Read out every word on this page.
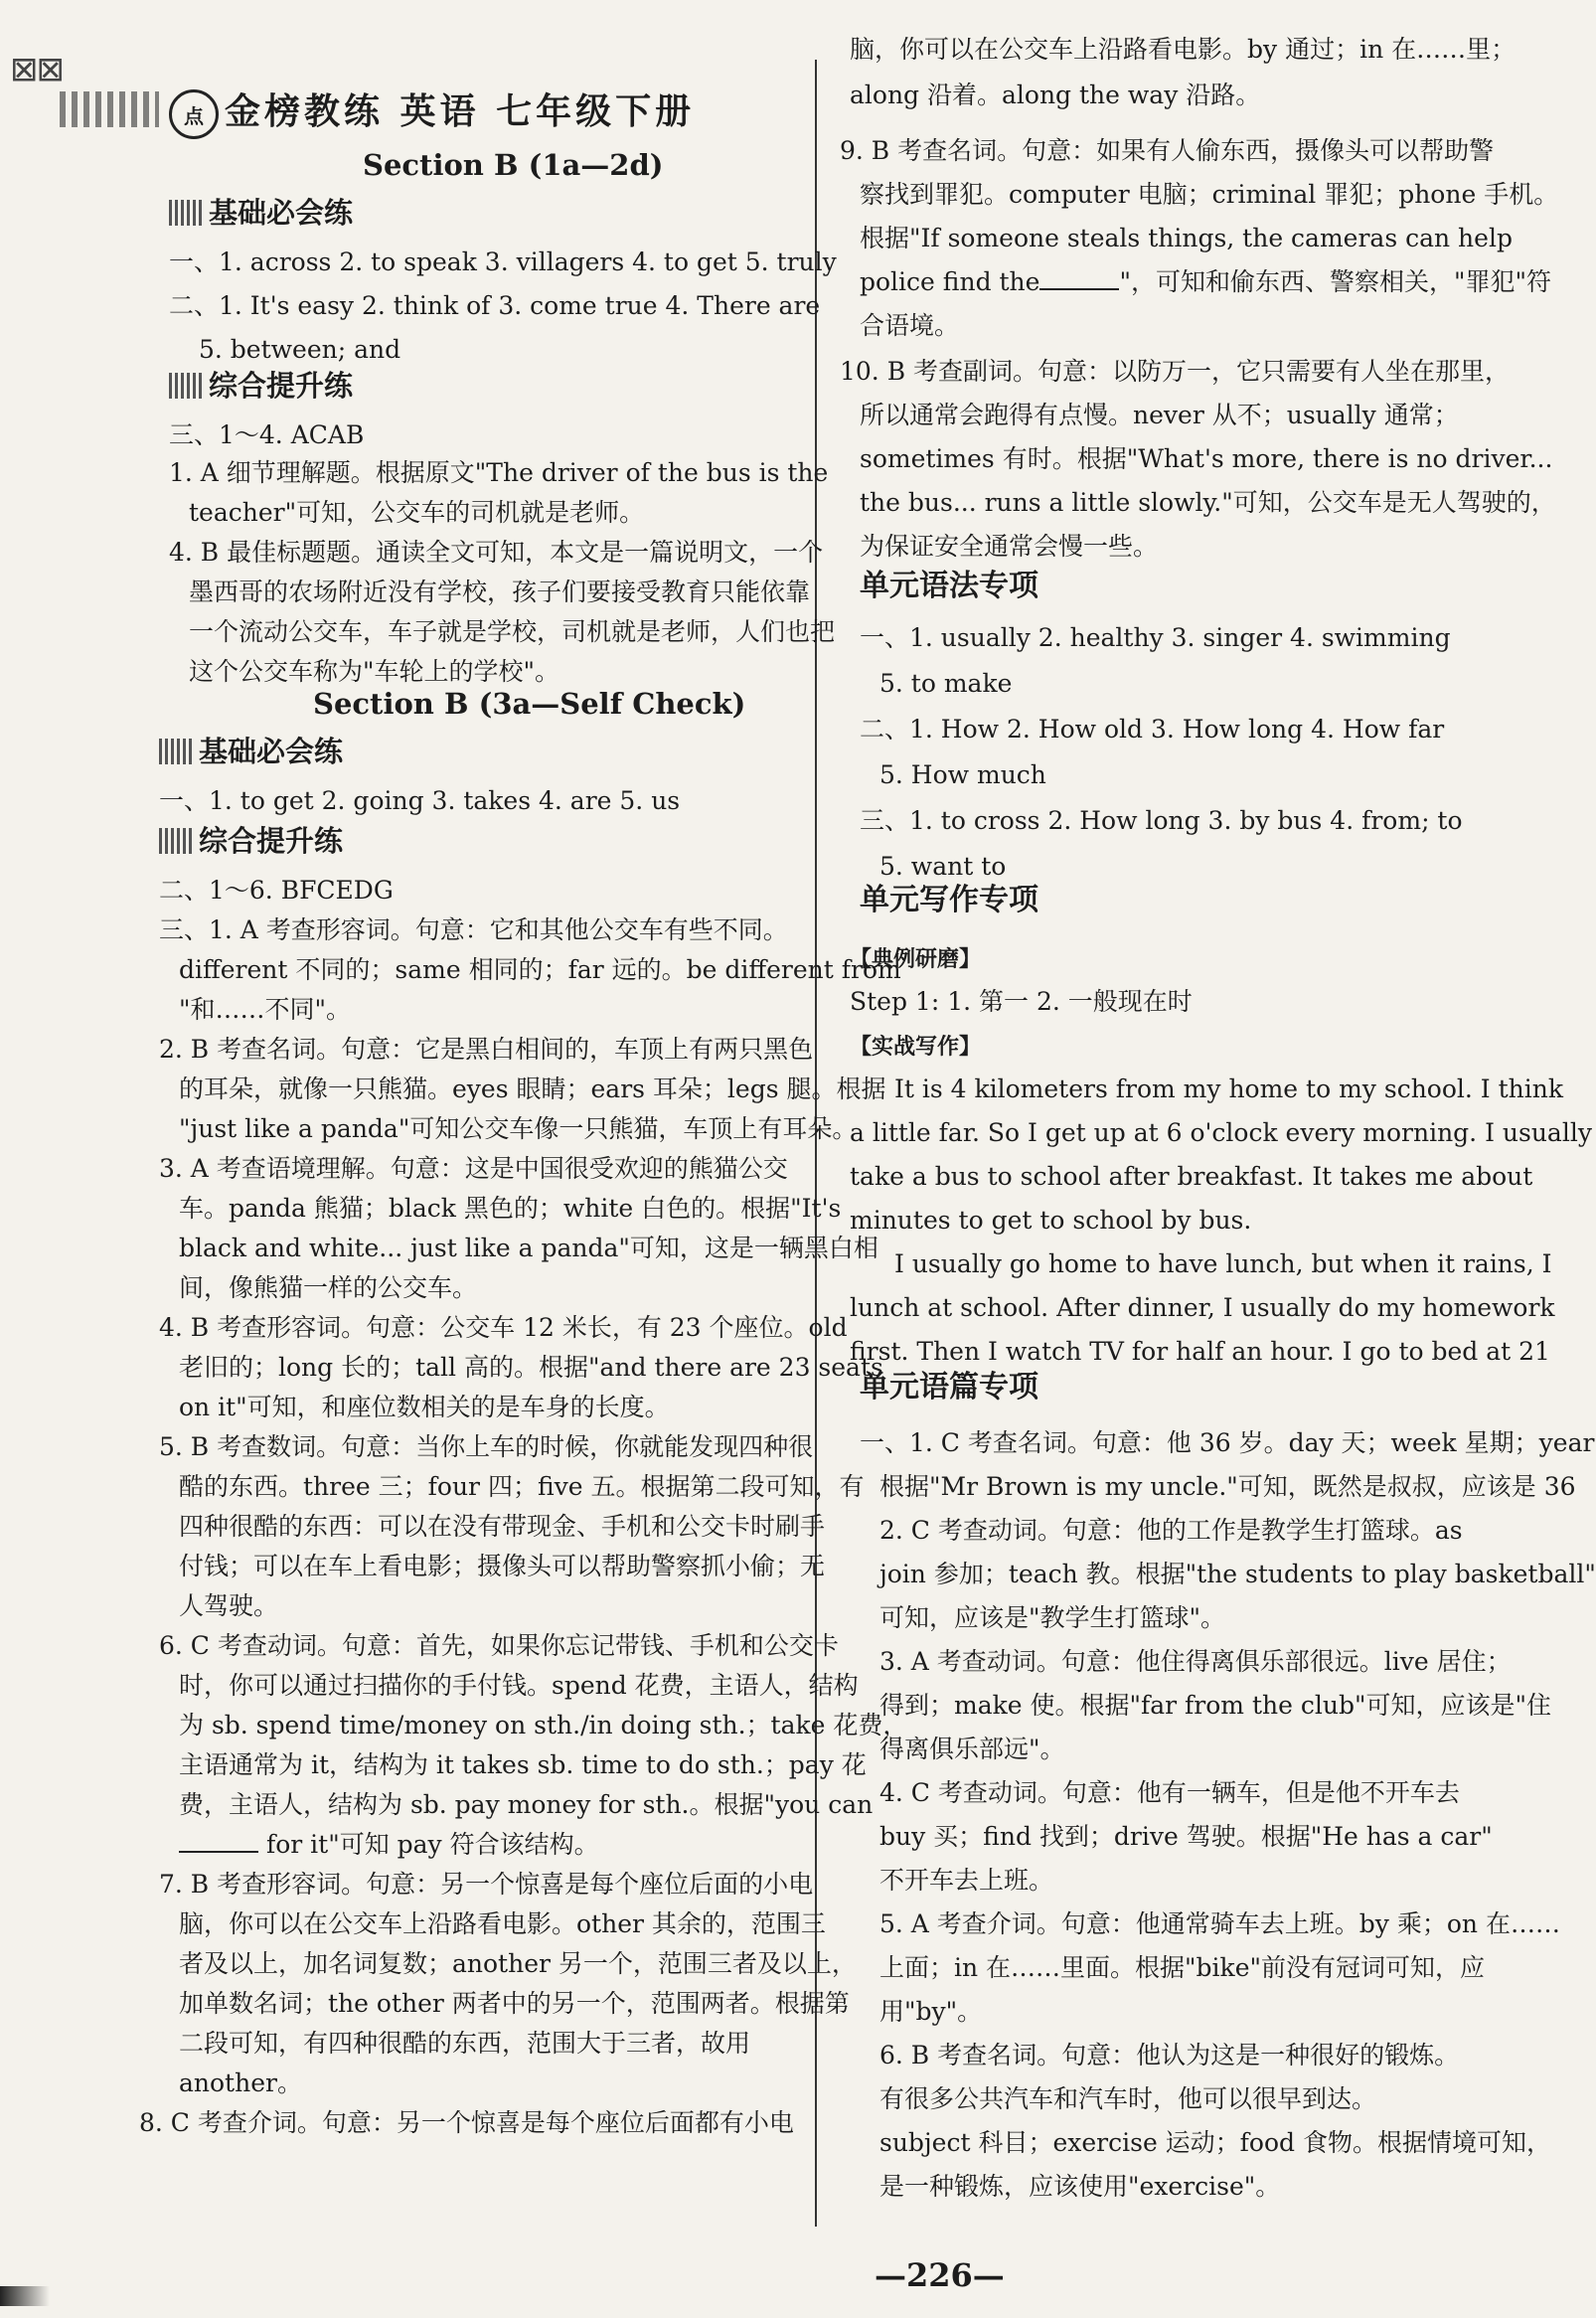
⊠⊠
点 金榜教练 英语 七年级下册
Section B (1a—2d)
基础必会练
一、1. across 2. to speak 3. villagers 4. to get 5. truly
二、1. It's easy 2. think of 3. come true 4. There are
5. between; and
综合提升练
三、1～4. ACAB
1. A 细节理解题。根据原文"The driver of the bus is the
teacher"可知，公交车的司机就是老师。
4. B 最佳标题题。通读全文可知，本文是一篇说明文，一个
墨西哥的农场附近没有学校，孩子们要接受教育只能依靠
一个流动公交车，车子就是学校，司机就是老师，人们也把
这个公交车称为"车轮上的学校"。
Section B (3a—Self Check)
基础必会练
一、1. to get 2. going 3. takes 4. are 5. us
综合提升练
二、1～6. BFCEDG
三、1. A 考查形容词。句意：它和其他公交车有些不同。
different 不同的；same 相同的；far 远的。be different from
"和……不同"。
2. B 考查名词。句意：它是黑白相间的，车顶上有两只黑色
的耳朵，就像一只熊猫。eyes 眼睛；ears 耳朵；legs 腿。根据
"just like a panda"可知公交车像一只熊猫，车顶上有耳朵。
3. A 考查语境理解。句意：这是中国很受欢迎的熊猫公交
车。panda 熊猫；black 黑色的；white 白色的。根据"It's
black and white... just like a panda"可知，这是一辆黑白相
间，像熊猫一样的公交车。
4. B 考查形容词。句意：公交车 12 米长，有 23 个座位。old
老旧的；long 长的；tall 高的。根据"and there are 23 seats
on it"可知，和座位数相关的是车身的长度。
5. B 考查数词。句意：当你上车的时候，你就能发现四种很
酷的东西。three 三；four 四；five 五。根据第二段可知，有
四种很酷的东西：可以在没有带现金、手机和公交卡时刷手
付钱；可以在车上看电影；摄像头可以帮助警察抓小偷；无
人驾驶。
6. C 考查动词。句意：首先，如果你忘记带钱、手机和公交卡
时，你可以通过扫描你的手付钱。spend 花费，主语人，结构
为 sb. spend time/money on sth./in doing sth.；take 花费，
主语通常为 it，结构为 it takes sb. time to do sth.；pay 花
费，主语人，结构为 sb. pay money for sth.。根据"you can
for it"可知 pay 符合该结构。
7. B 考查形容词。句意：另一个惊喜是每个座位后面的小电
脑，你可以在公交车上沿路看电影。other 其余的，范围三
者及以上，加名词复数；another 另一个，范围三者及以上，
加单数名词；the other 两者中的另一个，范围两者。根据第
二段可知，有四种很酷的东西，范围大于三者，故用
another。
8. C 考查介词。句意：另一个惊喜是每个座位后面都有小电
脑，你可以在公交车上沿路看电影。by 通过；in 在……里；
along 沿着。along the way 沿路。
9. B 考查名词。句意：如果有人偷东西，摄像头可以帮助警
察找到罪犯。computer 电脑；criminal 罪犯；phone 手机。
根据"If someone steals things, the cameras can help
police find the	"，可知和偷东西、警察相关，"罪犯"符
合语境。
10. B 考查副词。句意：以防万一，它只需要有人坐在那里，
所以通常会跑得有点慢。never 从不；usually 通常；
sometimes 有时。根据"What's more, there is no driver...
the bus... runs a little slowly."可知，公交车是无人驾驶的，
为保证安全通常会慢一些。
单元语法专项
一、1. usually 2. healthy 3. singer 4. swimming
5. to make
二、1. How 2. How old 3. How long 4. How far
5. How much
三、1. to cross 2. How long 3. by bus 4. from; to
5. want to
单元写作专项
【典例研磨】
Step 1: 1. 第一 2. 一般现在时
【实战写作】
It is 4 kilometers from my home to my school. I think
a little far. So I get up at 6 o'clock every morning. I usually
take a bus to school after breakfast. It takes me about
minutes to get to school by bus.
I usually go home to have lunch, but when it rains, I
lunch at school. After dinner, I usually do my homework
first. Then I watch TV for half an hour. I go to bed at 21
单元语篇专项
一、1. C 考查名词。句意：他 36 岁。day 天；week 星期；year
根据"Mr Brown is my uncle."可知，既然是叔叔，应该是 36
2. C 考查动词。句意：他的工作是教学生打篮球。as
join 参加；teach 教。根据"the students to play basketball"
可知，应该是"教学生打篮球"。
3. A 考查动词。句意：他住得离俱乐部很远。live 居住；
得到；make 使。根据"far from the club"可知，应该是"住
得离俱乐部远"。
4. C 考查动词。句意：他有一辆车，但是他不开车去
buy 买；find 找到；drive 驾驶。根据"He has a car"
不开车去上班。
5. A 考查介词。句意：他通常骑车去上班。by 乘；on 在……
上面；in 在……里面。根据"bike"前没有冠词可知，应
用"by"。
6. B 考查名词。句意：他认为这是一种很好的锻炼。
有很多公共汽车和汽车时，他可以很早到达。
subject 科目；exercise 运动；food 食物。根据情境可知，
是一种锻炼，应该使用"exercise"。
—226—
